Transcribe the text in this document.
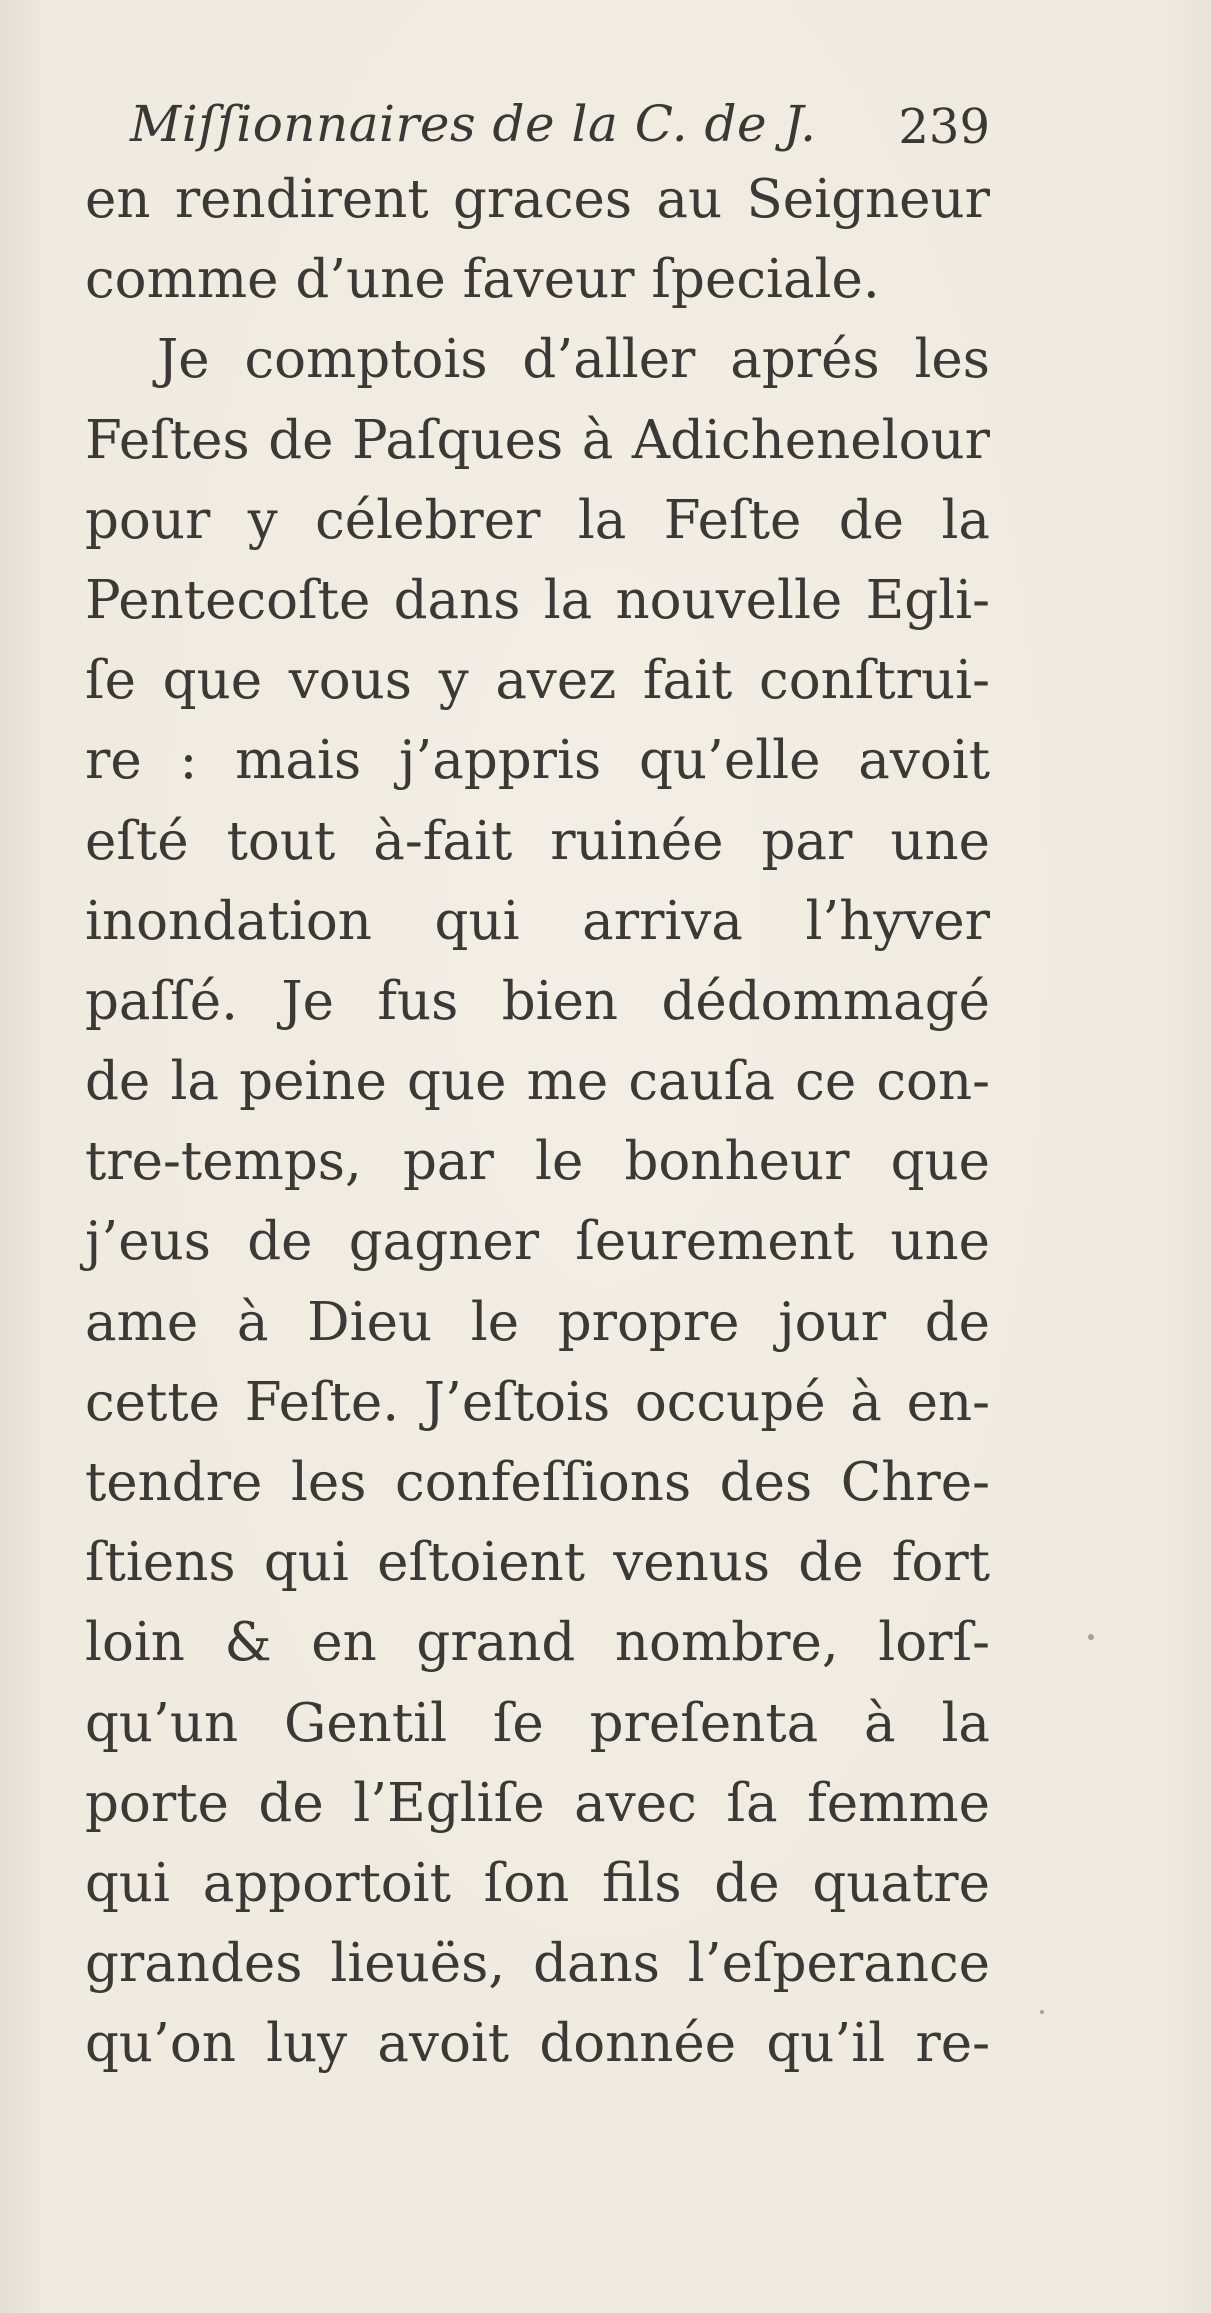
Miſſionnaires de la C. de J. 239
en rendirent graces au Seigneur
comme d’une faveur ſpeciale.
Je comptois d’aller aprés les
Feſtes de Paſques à Adichenelour
pour y célebrer la Feſte de la
Pentecoſte dans la nouvelle Egli-
ſe que vous y avez fait conſtrui-
re : mais j’appris qu’elle avoit
eſté tout à-fait ruinée par une
inondation qui arriva l’hyver
paſſé. Je fus bien dédommagé
de la peine que me cauſa ce con-
tre-temps, par le bonheur que
j’eus de gagner ſeurement une
ame à Dieu le propre jour de
cette Feſte. J’eſtois occupé à en-
tendre les confeſſions des Chre-
ſtiens qui eſtoient venus de fort
loin & en grand nombre, lorſ-
qu’un Gentil ſe preſenta à la
porte de l’Egliſe avec ſa femme
qui apportoit ſon fils de quatre
grandes lieuës, dans l’eſperance
qu’on luy avoit donnée qu’il re-
